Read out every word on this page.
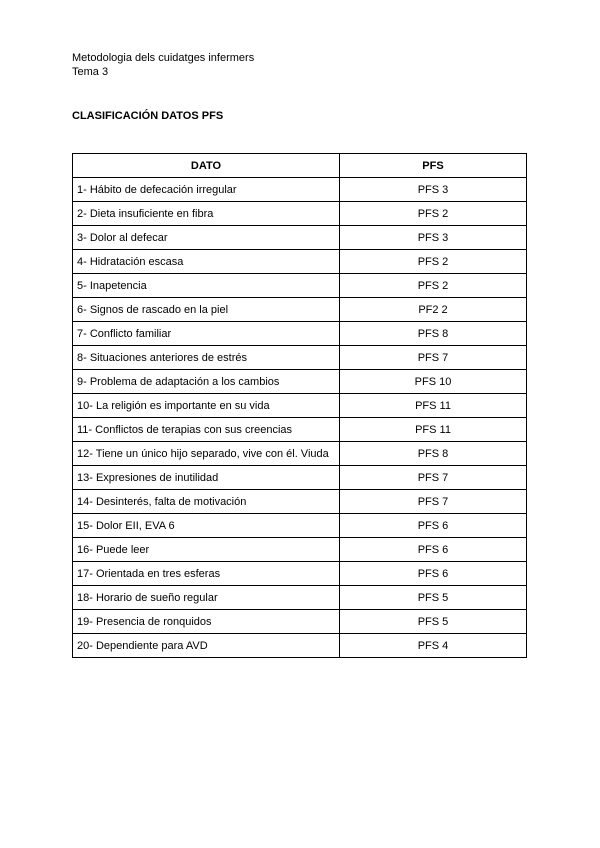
Metodologia dels cuidatges infermers
Tema 3
CLASIFICACIÓN DATOS PFS
DATO	PFS
1- Hábito de defecación irregular	PFS 3
2- Dieta insuficiente en fibra	PFS 2
3- Dolor al defecar	PFS 3
4- Hidratación escasa	PFS 2
5- Inapetencia	PFS 2
6- Signos de rascado en la piel	PF2 2
7- Conflicto familiar	PFS 8
8- Situaciones anteriores de estrés	PFS 7
9- Problema de adaptación a los cambios	PFS 10
10- La religión es importante en su vida	PFS 11
11- Conflictos de terapias con sus creencias	PFS 11
12- Tiene un único hijo separado, vive con él. Viuda	PFS 8
13- Expresiones de inutilidad	PFS 7
14- Desinterés, falta de motivación	PFS 7
15- Dolor EII, EVA 6	PFS 6
16- Puede leer	PFS 6
17- Orientada en tres esferas	PFS 6
18- Horario de sueño regular	PFS 5
19- Presencia de ronquidos	PFS 5
20- Dependiente para AVD	PFS 4
